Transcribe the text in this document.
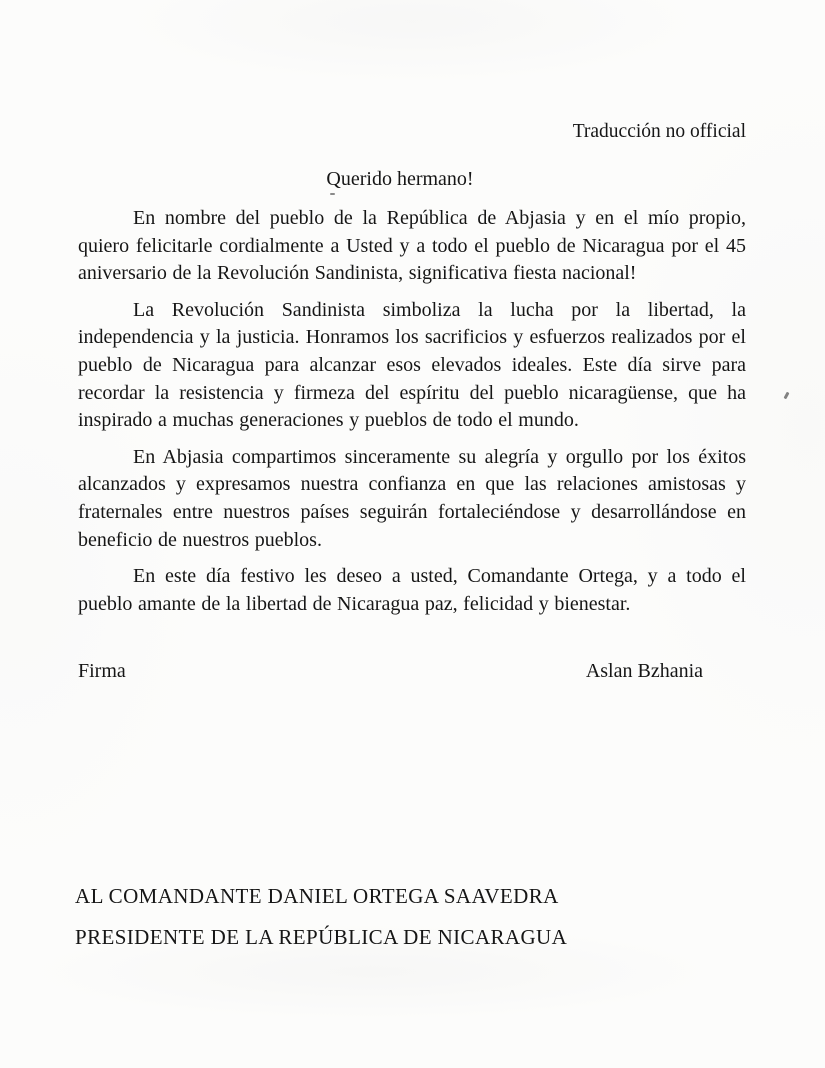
Traducción no official
Querido hermano!

En nombre del pueblo de la República de Abjasia y en el mío propio, quiero felicitarle cordialmente a Usted y a todo el pueblo de Nicaragua por el 45 aniversario de la Revolución Sandinista, significativa fiesta nacional!

La Revolución Sandinista simboliza la lucha por la libertad, la independencia y la justicia. Honramos los sacrificios y esfuerzos realizados por el pueblo de Nicaragua para alcanzar esos elevados ideales. Este día sirve para recordar la resistencia y firmeza del espíritu del pueblo nicaragüense, que ha inspirado a muchas generaciones y pueblos de todo el mundo.

En Abjasia compartimos sinceramente su alegría y orgullo por los éxitos alcanzados y expresamos nuestra confianza en que las relaciones amistosas y fraternales entre nuestros países seguirán fortaleciéndose y desarrollándose en beneficio de nuestros pueblos.

En este día festivo les deseo a usted, Comandante Ortega, y a todo el pueblo amante de la libertad de Nicaragua paz, felicidad y bienestar.

Firma	Aslan Bzhania
AL COMANDANTE DANIEL ORTEGA SAAVEDRA
PRESIDENTE DE LA REPÚBLICA DE NICARAGUA
